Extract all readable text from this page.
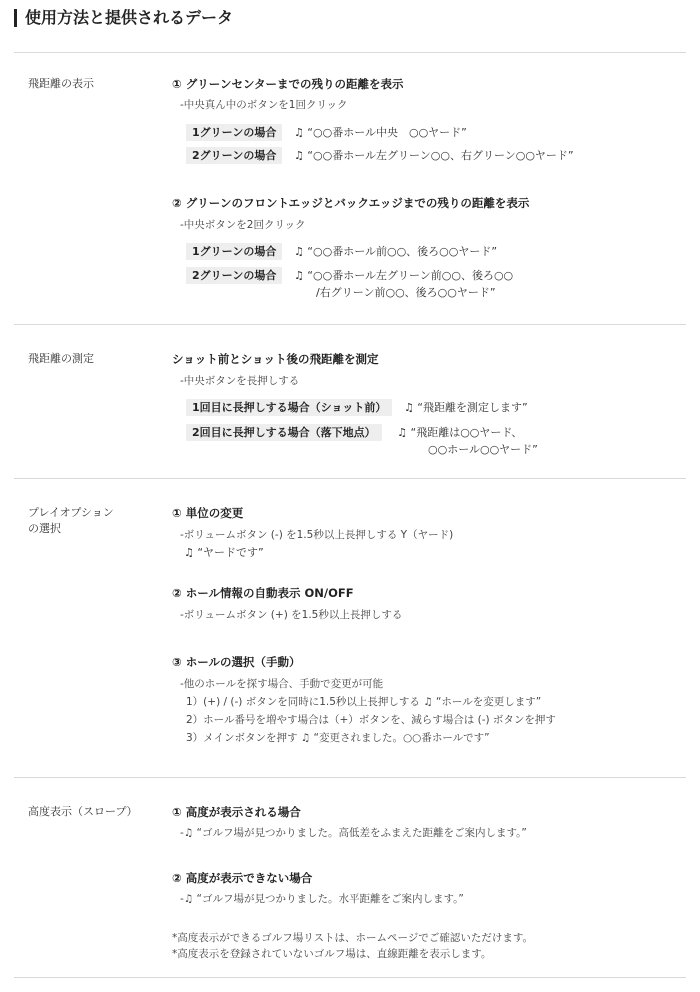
使用方法と提供されるデータ
飛距離の表示	① グリーンセンターまでの残りの距離を表示
-中央真ん中のボタンを1回クリック
1グリーンの場合 ♫ “○○番ホール中央　○○ヤード”
2グリーンの場合 ♫ “○○番ホール左グリーン○○、右グリーン○○ヤード”
② グリーンのフロントエッジとバックエッジまでの残りの距離を表示
-中央ボタンを2回クリック
1グリーンの場合 ♫ “○○番ホール前○○、後ろ○○ヤード”
2グリーンの場合 ♫ “○○番ホール左グリーン前○○、後ろ○○
/右グリーン前○○、後ろ○○ヤード”
飛距離の測定	ショット前とショット後の飛距離を測定
-中央ボタンを長押しする
1回目に長押しする場合（ショット前） ♫ “飛距離を測定します”
2回目に長押しする場合（落下地点） ♫ “飛距離は○○ヤード、
○○ホール○○ヤード”
プレイオプション
の選択
① 単位の変更
-ボリュームボタン (-) を1.5秒以上長押しする Y（ヤード)
♫ “ヤードです”
② ホール情報の自動表示 ON/OFF
-ボリュームボタン (+) を1.5秒以上長押しする
③ ホールの選択（手動）
-他のホールを探す場合、手動で変更が可能
1）(+) / (-) ボタンを同時に1.5秒以上長押しする ♫ “ホールを変更します”
2）ホール番号を増やす場合は（+）ボタンを、減らす場合は (-) ボタンを押す
3）メインボタンを押す ♫ “変更されました。○○番ホールです”
高度表示（スロープ）	① 高度が表示される場合
-♫ “ゴルフ場が見つかりました。高低差をふまえた距離をご案内します。”
② 高度が表示できない場合
-♫ “ゴルフ場が見つかりました。水平距離をご案内します。”
*高度表示ができるゴルフ場リストは、ホームページでご確認いただけます。
*高度表示を登録されていないゴルフ場は、直線距離を表示します。
